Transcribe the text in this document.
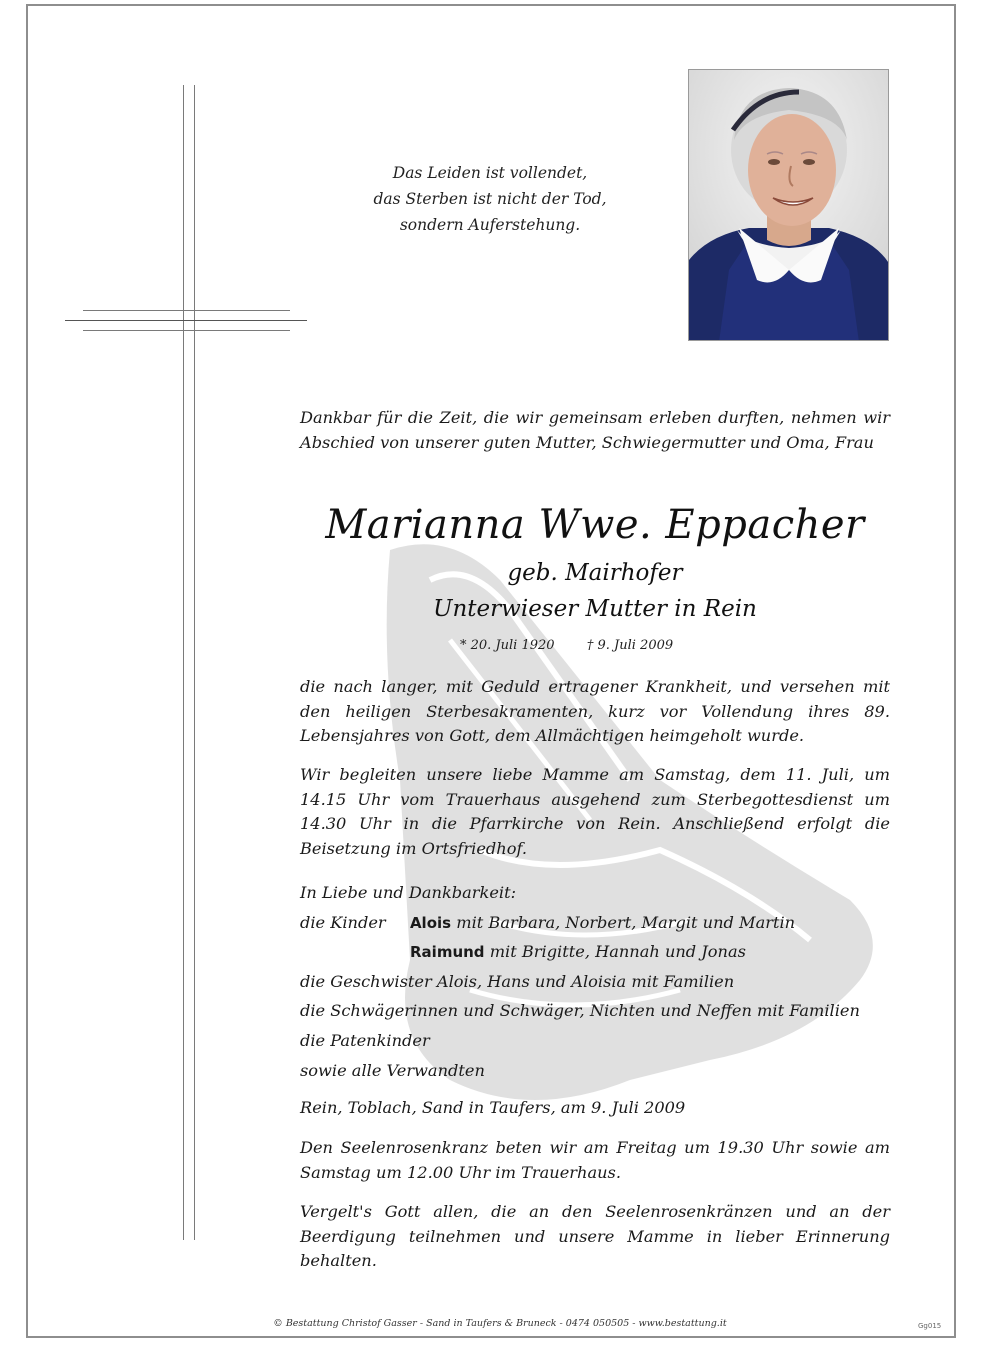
Das Leiden ist vollendet,
das Sterben ist nicht der Tod,
sondern Auferstehung.

Dankbar für die Zeit, die wir gemeinsam erleben durften, nehmen wir Abschied von unserer guten Mutter, Schwiegermutter und Oma, Frau

Marianna Wwe. Eppacher
geb. Mairhofer
Unterwieser Mutter in Rein
* 20. Juli 1920 † 9. Juli 2009

die nach langer, mit Geduld ertragener Krankheit, und versehen mit den heiligen Sterbesakramenten, kurz vor Vollendung ihres 89. Lebensjahres von Gott, dem Allmächtigen heimgeholt wurde.

Wir begleiten unsere liebe Mamme am Samstag, dem 11. Juli, um 14.15 Uhr vom Trauerhaus ausgehend zum Sterbegottesdienst um 14.30 Uhr in die Pfarrkirche von Rein. Anschließend erfolgt die Beisetzung im Ortsfriedhof.

In Liebe und Dankbarkeit:
die Kinder Alois mit Barbara, Norbert, Margit und Martin
Raimund mit Brigitte, Hannah und Jonas
die Geschwister Alois, Hans und Aloisia mit Familien
die Schwägerinnen und Schwäger, Nichten und Neffen mit Familien
die Patenkinder
sowie alle Verwandten

Rein, Toblach, Sand in Taufers, am 9. Juli 2009

Den Seelenrosenkranz beten wir am Freitag um 19.30 Uhr sowie am Samstag um 12.00 Uhr im Trauerhaus.

Vergelt's Gott allen, die an den Seelenrosenkränzen und an der Beerdigung teilnehmen und unsere Mamme in lieber Erinnerung behalten.

© Bestattung Christof Gasser - Sand in Taufers & Bruneck - 0474 050505 - www.bestattung.it	Gg015
